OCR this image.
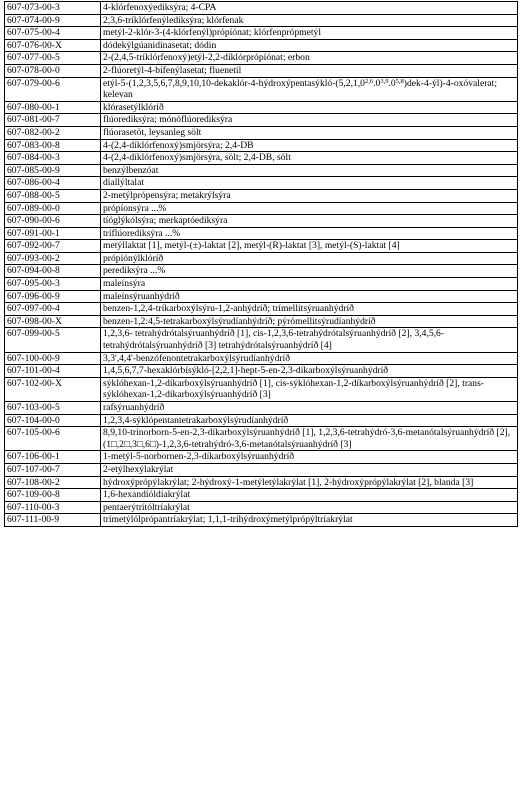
607-073-00-3	4-klórfenoxýediksýra; 4-CPA
607-074-00-9	2,3,6-tríklórfenýlediksýra; klórfenak
607-075-00-4	metýl-2-klór-3-(4-klórfenýl)própíónat; klórfenprópmetýl
607-076-00-X	dódekýlgúanidínasetat; dódin
607-077-00-5	2-(2,4,5-tríklórfenoxý)etýl-2,2-díklórprópíónat; erbon
607-078-00-0	2-flúoretýl-4-bífenýlasetat; fluenetil
607-079-00-6	etýl-5-(1,2,3,5,6,7,8,9,10,10-dekaklór-4-hýdroxýpentasýkló-(5,2,1,0$^{2,6}$.0$^{3,9}$.0$^{5,8}$)dek-4-ýl)-4-oxóvalerat; kelevan
607-080-00-1	klórasetýlklóríð
607-081-00-7	flúorediksýra; mónóflúorediksýra
607-082-00-2	flúorasetöt, leysanleg sölt
607-083-00-8	4-(2,4-díklórfenoxý)smjörsýra; 2,4-DB
607-084-00-3	4-(2,4-díklórfenoxý)smjörsýra, sölt; 2,4-DB, sölt
607-085-00-9	benzýlbenzóat
607-086-00-4	díallýltalat
607-088-00-5	2-metýlprópensýra; metakrýlsýra
607-089-00-0	própíonsýra ...%
607-090-00-6	tíóglýkólsýra; merkaptóediksýra
607-091-00-1	tríflúorediksýra ...%
607-092-00-7	metýllaktat [1], metýl-(±)-laktat [2], metýl-(R)-laktat [3], metýl-(S)-laktat [4]
607-093-00-2	própíónýlklóríð
607-094-00-8	perediksýra ...%
607-095-00-3	maleínsýra
607-096-00-9	maleínsýruanhýdríð
607-097-00-4	benzen-1,2,4-tríkarboxýlsýru-1,2-anhýdríð; trímellitsýruanhýdríð
607-098-00-X	benzen-1,2:4,5-tetrakarboxýlsýrudíanhýdríð; pýrómellitsýrudíanhýdríð
607-099-00-5	1,2,3,6- tetrahýdrótalsýruanhýdríð [1], cis-1,2,3,6-tetrahýdrótalsýruanhýdríð [2], 3,4,5,6- tetrahýdrótalsýruanhýdríð [3] tetrahýdrótalsýruanhýdríð [4]
607-100-00-9	3,3',4,4'-benzófenontetrakarboxýlsýrudíanhýdríð
607-101-00-4	1,4,5,6,7,7-hexaklórbísýkló-[2,2,1]-hept-5-en-2,3-díkarboxýlsýruanhýdríð
607-102-00-X	sýklóhexan-1,2-díkarboxýlsýruanhýdríð [1], cis-sýklóhexan-1,2-díkarboxýlsýruanhýdríð [2], trans-sýklóhexan-1,2-díkarboxýlsýruanhýdríð [3]
607-103-00-5	rafsýruanhýdríð
607-104-00-0	1,2,3,4-sýklópentantetrakarboxýlsýrudíanhýdríð
607-105-00-6	8,9,10-trínorborn-5-en-2,3-díkarboxýlsýruanhýdríð [1], 1,2,3,6-tetrahýdró-3,6-metanótalsýruanhýdríð [2], (1□,2□,3□,6□)-1,2,3,6-tetrahýdró-3,6-metanótalsýruanhýdríð [3]
607-106-00-1	1-metýl-5-norbornen-2,3-díkarboxýlsýruanhýdríð
607-107-00-7	2-etýlhexýlakrýlat
607-108-00-2	hýdroxýprópýlakrýlat; 2-hýdroxý-1-metýletýlakrýlat [1], 2-hýdroxýprópýlakrýlat [2], blanda [3]
607-109-00-8	1,6-hexandíóldíakrýlat
607-110-00-3	pentaerýtrítóltríakrýlat
607-111-00-9	trímetýlólprópantríakrýlat; 1,1,1-tríhýdroxýmetýlprópýltríakrýlat
